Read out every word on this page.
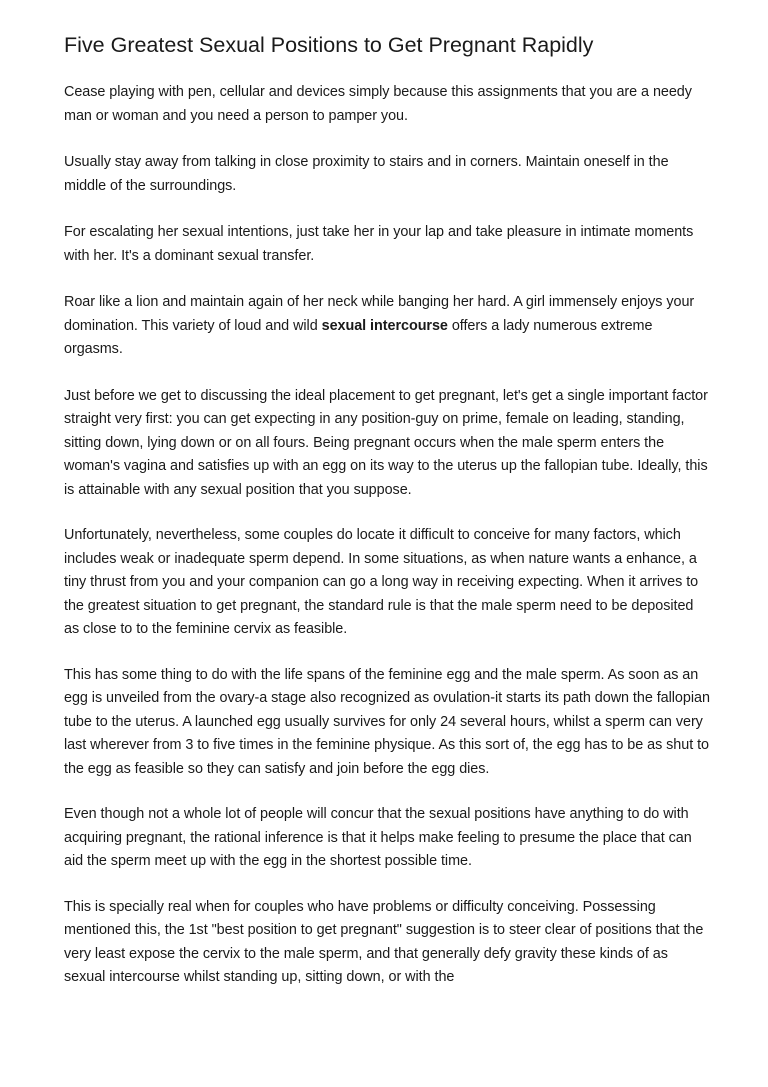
Five Greatest Sexual Positions to Get Pregnant Rapidly

Cease playing with pen, cellular and devices simply because this assignments that you are a needy man or woman and you need a person to pamper you.

Usually stay away from talking in close proximity to stairs and in corners. Maintain oneself in the middle of the surroundings.

For escalating her sexual intentions, just take her in your lap and take pleasure in intimate moments with her. It's a dominant sexual transfer.

Roar like a lion and maintain again of her neck while banging her hard. A girl immensely enjoys your domination. This variety of loud and wild sexual intercourse offers a lady numerous extreme orgasms.

Just before we get to discussing the ideal placement to get pregnant, let's get a single important factor straight very first: you can get expecting in any position-guy on prime, female on leading, standing, sitting down, lying down or on all fours. Being pregnant occurs when the male sperm enters the woman's vagina and satisfies up with an egg on its way to the uterus up the fallopian tube. Ideally, this is attainable with any sexual position that you suppose.

Unfortunately, nevertheless, some couples do locate it difficult to conceive for many factors, which includes weak or inadequate sperm depend. In some situations, as when nature wants a enhance, a tiny thrust from you and your companion can go a long way in receiving expecting. When it arrives to the greatest situation to get pregnant, the standard rule is that the male sperm need to be deposited as close to to the feminine cervix as feasible.

This has some thing to do with the life spans of the feminine egg and the male sperm. As soon as an egg is unveiled from the ovary-a stage also recognized as ovulation-it starts its path down the fallopian tube to the uterus. A launched egg usually survives for only 24 several hours, whilst a sperm can very last wherever from 3 to five times in the feminine physique. As this sort of, the egg has to be as shut to the egg as feasible so they can satisfy and join before the egg dies.

Even though not a whole lot of people will concur that the sexual positions have anything to do with acquiring pregnant, the rational inference is that it helps make feeling to presume the place that can aid the sperm meet up with the egg in the shortest possible time.

This is specially real when for couples who have problems or difficulty conceiving. Possessing mentioned this, the 1st "best position to get pregnant" suggestion is to steer clear of positions that the very least expose the cervix to the male sperm, and that generally defy gravity these kinds of as sexual intercourse whilst standing up, sitting down, or with the
